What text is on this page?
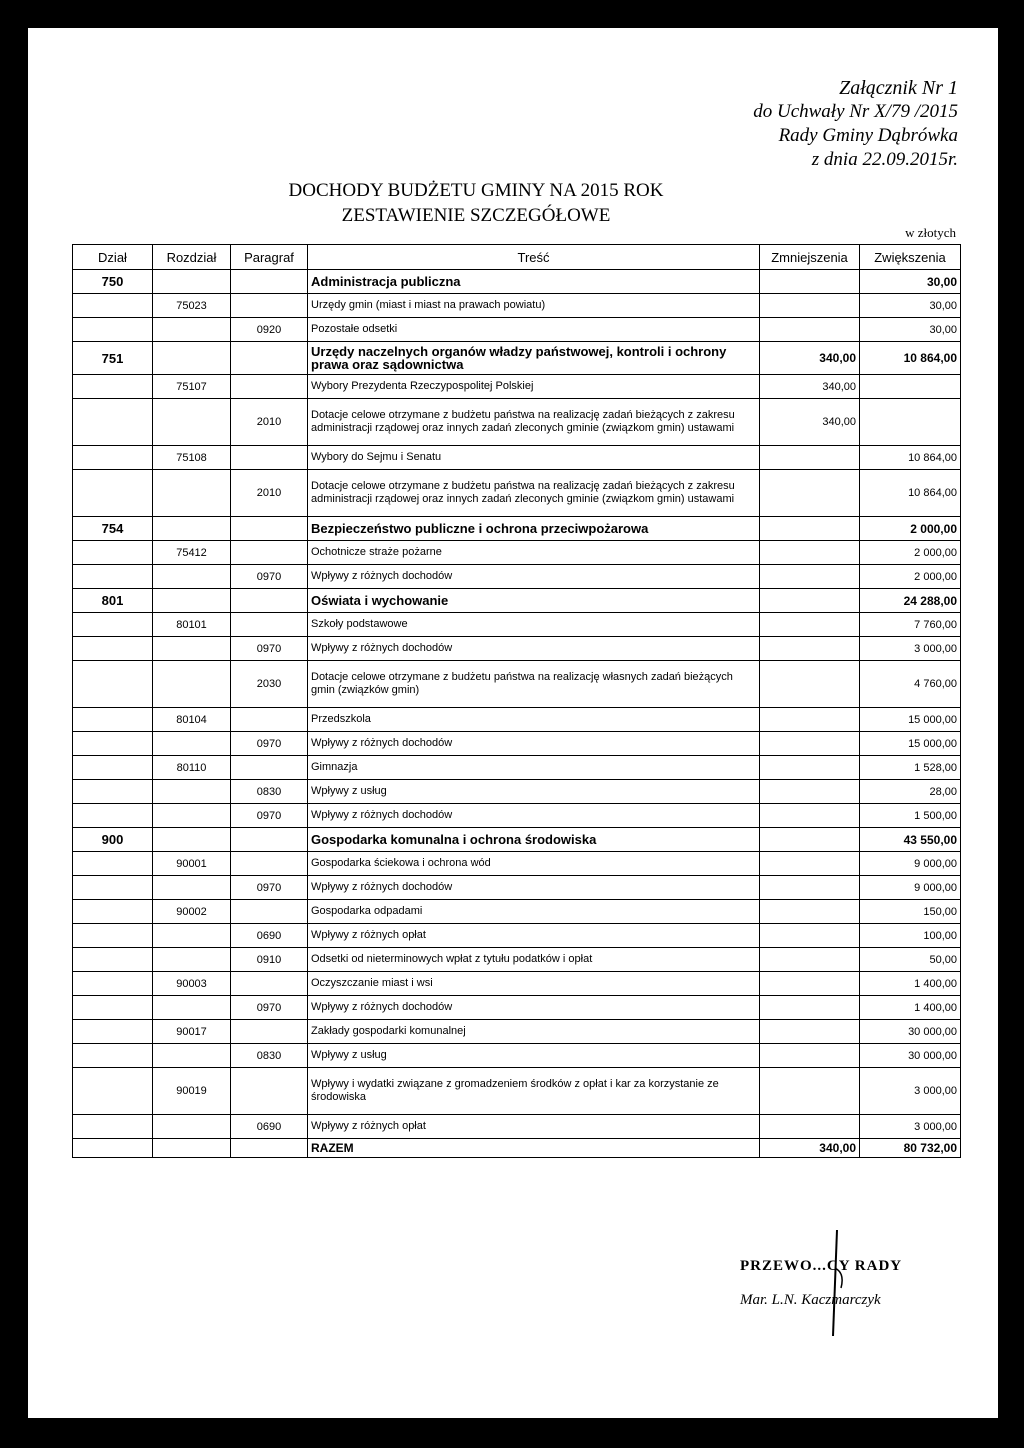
Załącznik Nr 1
do Uchwały Nr X/79 /2015
Rady Gminy Dąbrówka
z dnia 22.09.2015r.
DOCHODY BUDŻETU GMINY NA 2015 ROK
ZESTAWIENIE SZCZEGÓŁOWE
w złotych
Dział	Rozdział	Paragraf	Treść	Zmniejszenia	Zwiększenia
750			Administracja publiczna		30,00
	75023		Urzędy gmin (miast i miast na prawach powiatu)		30,00
		0920	Pozostałe odsetki		30,00
751			Urzędy naczelnych organów władzy państwowej, kontroli i ochrony prawa oraz sądownictwa	340,00	10 864,00
	75107		Wybory Prezydenta Rzeczypospolitej Polskiej	340,00	
		2010	Dotacje celowe otrzymane z budżetu państwa na realizację zadań bieżących z zakresu administracji rządowej oraz innych zadań zleconych gminie (związkom gmin) ustawami	340,00	
	75108		Wybory do Sejmu i Senatu		10 864,00
		2010	Dotacje celowe otrzymane z budżetu państwa na realizację zadań bieżących z zakresu administracji rządowej oraz innych zadań zleconych gminie (związkom gmin) ustawami		10 864,00
754			Bezpieczeństwo publiczne i ochrona przeciwpożarowa		2 000,00
	75412		Ochotnicze straże pożarne		2 000,00
		0970	Wpływy z różnych dochodów		2 000,00
801			Oświata i wychowanie		24 288,00
	80101		Szkoły podstawowe		7 760,00
		0970	Wpływy z różnych dochodów		3 000,00
		2030	Dotacje celowe otrzymane z budżetu państwa na realizację własnych zadań bieżących gmin (związków gmin)		4 760,00
	80104		Przedszkola		15 000,00
		0970	Wpływy z różnych dochodów		15 000,00
	80110		Gimnazja		1 528,00
		0830	Wpływy z usług		28,00
		0970	Wpływy z różnych dochodów		1 500,00
900			Gospodarka komunalna i ochrona środowiska		43 550,00
	90001		Gospodarka ściekowa i ochrona wód		9 000,00
		0970	Wpływy z różnych dochodów		9 000,00
	90002		Gospodarka odpadami		150,00
		0690	Wpływy z różnych opłat		100,00
		0910	Odsetki od nieterminowych wpłat z tytułu podatków i opłat		50,00
	90003		Oczyszczanie miast i wsi		1 400,00
		0970	Wpływy z różnych dochodów		1 400,00
	90017		Zakłady gospodarki komunalnej		30 000,00
		0830	Wpływy z usług		30 000,00
	90019		Wpływy i wydatki związane z gromadzeniem środków z opłat i kar za korzystanie ze środowiska		3 000,00
		0690	Wpływy z różnych opłat		3 000,00
			RAZEM	340,00	80 732,00
PRZEWO...CY RADY
Mar. L.N. Kaczmarczyk
